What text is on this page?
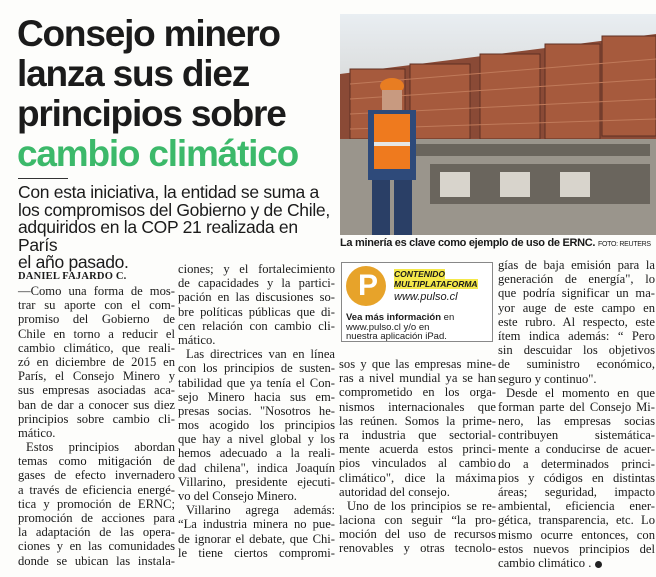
Consejo minero
lanza sus diez
principios sobre
cambio climático
Con esta iniciativa, la entidad se suma a
los compromisos del Gobierno y de Chile,
adquiridos en la COP 21 realizada en París
el año pasado.
La minería es clave como ejemplo de uso de ERNC. FOTO: REUTERS
P CONTENIDO
MULTIPLATAFORMA
www.pulso.cl
Vea más información en
www.pulso.cl y/o en
nuestra aplicación iPad.
DANIEL FAJARDO C.
—Como una forma de mos-
trar su aporte con el com-
promiso del Gobierno de
Chile en torno a reducir el
cambio climático, que reali-
zó en diciembre de 2015 en
París, el Consejo Minero y
sus empresas asociadas aca-
ban de dar a conocer sus diez
principios sobre cambio cli-
mático.
Estos principios abordan
temas como mitigación de
gases de efecto invernadero
a través de eficiencia energé-
tica y promoción de ERNC;
promoción de acciones para
la adaptación de las opera-
ciones y en las comunidades
donde se ubican las instala-
ciones; y el fortalecimiento
de capacidades y la partici-
pación en las discusiones so-
bre políticas públicas que di-
cen relación con cambio cli-
mático.
Las directrices van en línea
con los principios de susten-
tabilidad que ya tenía el Con-
sejo Minero hacia sus em-
presas socias. "Nosotros he-
mos acogido los principios
que hay a nivel global y los
hemos adecuado a la reali-
dad chilena", indica Joaquín
Villarino, presidente ejecuti-
vo del Consejo Minero.
Villarino agrega además:
“La industria minera no pue-
de ignorar el debate, que Chi-
le tiene ciertos compromi-
sos y que las empresas mine-
ras a nivel mundial ya se han
comprometido en los orga-
nismos internacionales que
las reúnen. Somos la prime-
ra industria que sectorial-
mente acuerda estos princi-
pios vinculados al cambio
climático", dice la máxima
autoridad del consejo.
Uno de los principios se re-
laciona con seguir “la pro-
moción del uso de recursos
renovables y otras tecnolo-
gías de baja emisión para la
generación de energía", lo
que podría significar un ma-
yor auge de este campo en
este rubro. Al respecto, este
ítem indica además: “ Pero
sin descuidar los objetivos
de suministro económico,
seguro y continuo".
Desde el momento en que
forman parte del Consejo Mi-
nero, las empresas socias
contribuyen sistemática-
mente a conducirse de acuer-
do a determinados princi-
pios y códigos en distintas
áreas; seguridad, impacto
ambiental, eficiencia ener-
gética, transparencia, etc. Lo
mismo ocurre entonces, con
estos nuevos principios del
cambio climático .
